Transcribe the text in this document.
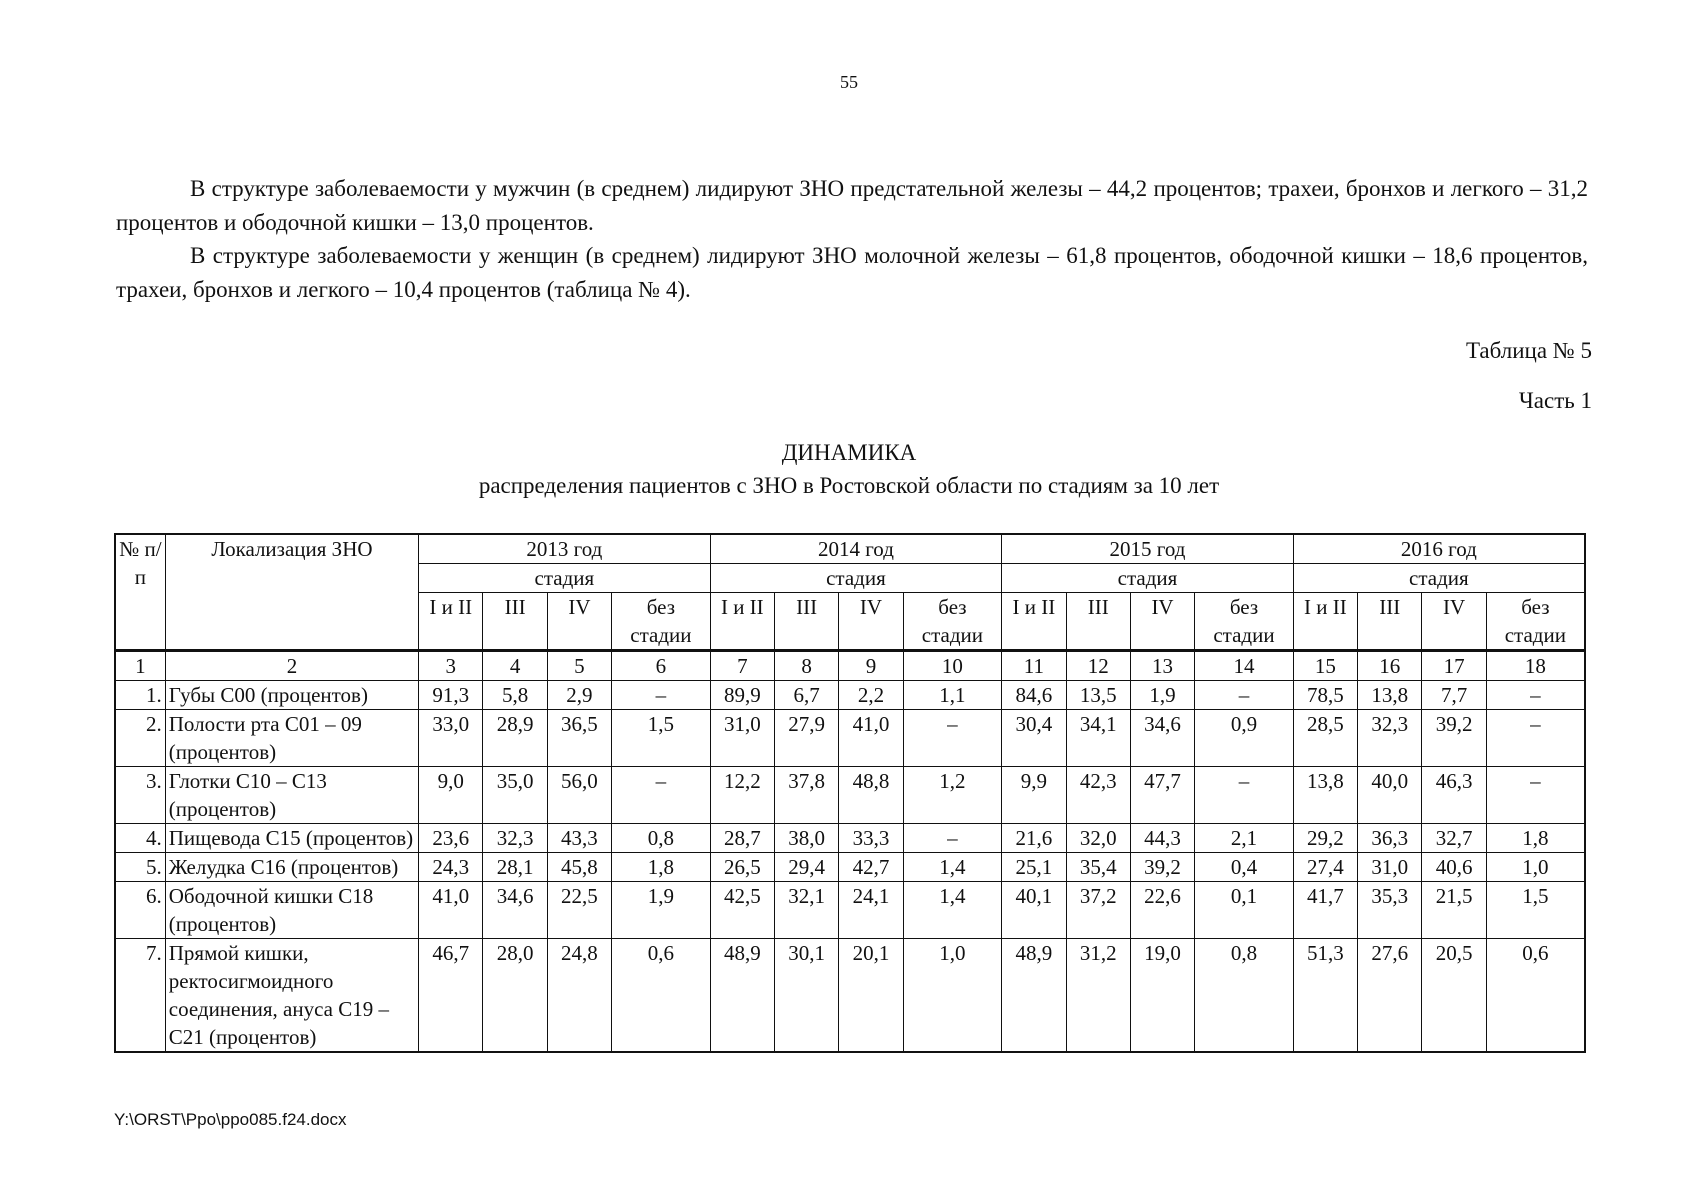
55
В структуре заболеваемости у мужчин (в среднем) лидируют ЗНО предстательной железы – 44,2 процентов; трахеи, бронхов и легкого – 31,2 процентов и ободочной кишки – 13,0 процентов.
В структуре заболеваемости у женщин (в среднем) лидируют ЗНО молочной железы – 61,8 процентов, ободочной кишки – 18,6 процентов, трахеи, бронхов и легкого – 10,4 процентов (таблица № 4).
Таблица № 5
Часть 1
ДИНАМИКА
распределения пациентов с ЗНО в Ростовской области по стадиям за 10 лет
№ п/п	Локализация ЗНО	2013 год				2014 год				2015 год				2016 год			
		стадия				стадия				стадия				стадия			
		I и II	III	IV	без стадии	I и II	III	IV	без стадии	I и II	III	IV	без стадии	I и II	III	IV	без стадии
1	2	3	4	5	6	7	8	9	10	11	12	13	14	15	16	17	18
1.	Губы С00 (процентов)	91,3	5,8	2,9	–	89,9	6,7	2,2	1,1	84,6	13,5	1,9	–	78,5	13,8	7,7	–
2.	Полости рта С01 – 09 (процентов)	33,0	28,9	36,5	1,5	31,0	27,9	41,0	–	30,4	34,1	34,6	0,9	28,5	32,3	39,2	–
3.	Глотки С10 – С13 (процентов)	9,0	35,0	56,0	–	12,2	37,8	48,8	1,2	9,9	42,3	47,7	–	13,8	40,0	46,3	–
4.	Пищевода С15 (процентов)	23,6	32,3	43,3	0,8	28,7	38,0	33,3	–	21,6	32,0	44,3	2,1	29,2	36,3	32,7	1,8
5.	Желудка С16 (процентов)	24,3	28,1	45,8	1,8	26,5	29,4	42,7	1,4	25,1	35,4	39,2	0,4	27,4	31,0	40,6	1,0
6.	Ободочной кишки С18 (процентов)	41,0	34,6	22,5	1,9	42,5	32,1	24,1	1,4	40,1	37,2	22,6	0,1	41,7	35,3	21,5	1,5
7.	Прямой кишки, ректосигмоидного соединения, ануса С19 – С21 (процентов)	46,7	28,0	24,8	0,6	48,9	30,1	20,1	1,0	48,9	31,2	19,0	0,8	51,3	27,6	20,5	0,6
Y:\ORST\Ppo\ppo085.f24.docx
